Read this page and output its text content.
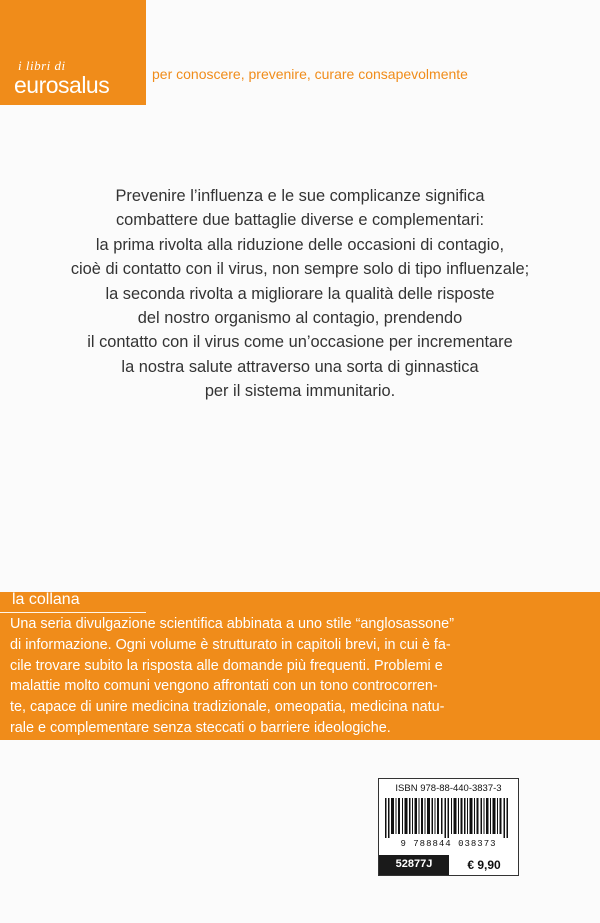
i libri di
eurosalus	per conoscere, prevenire, curare consapevolmente

Prevenire l’influenza e le sue complicanze significa
combattere due battaglie diverse e complementari:
la prima rivolta alla riduzione delle occasioni di contagio,
cioè di contatto con il virus, non sempre solo di tipo influenzale;
la seconda rivolta a migliorare la qualità delle risposte
del nostro organismo al contagio, prendendo
il contatto con il virus come un’occasione per incrementare
la nostra salute attraverso una sorta di ginnastica
per il sistema immunitario.

la collana

Una seria divulgazione scientifica abbinata a uno stile “anglosassone”
di informazione. Ogni volume è strutturato in capitoli brevi, in cui è fa-
cile trovare subito la risposta alle domande più frequenti. Problemi e
malattie molto comuni vengono affrontati con un tono controcorren-
te, capace di unire medicina tradizionale, omeopatia, medicina natu-
rale e complementare senza steccati o barriere ideologiche.

ISBN 978-88-440-3837-3
9 788844 038373
52877J	€ 9,90
